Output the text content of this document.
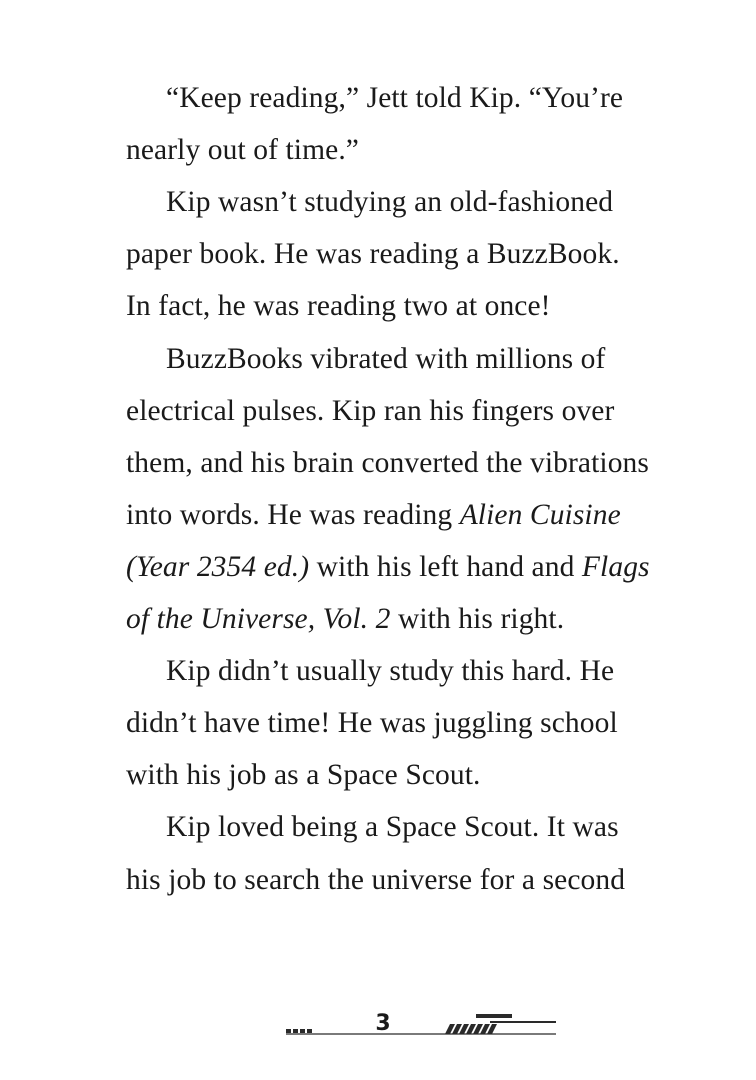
“Keep reading,” Jett told Kip. “You’re
nearly out of time.”
Kip wasn’t studying an old-fashioned
paper book. He was reading a BuzzBook.
In fact, he was reading two at once!
BuzzBooks vibrated with millions of
electrical pulses. Kip ran his fingers over
them, and his brain converted the vibrations
into words. He was reading Alien Cuisine
(Year 2354 ed.) with his left hand and Flags
of the Universe, Vol. 2 with his right.
Kip didn’t usually study this hard. He
didn’t have time! He was juggling school
with his job as a Space Scout.
Kip loved being a Space Scout. It was
his job to search the universe for a second
3
